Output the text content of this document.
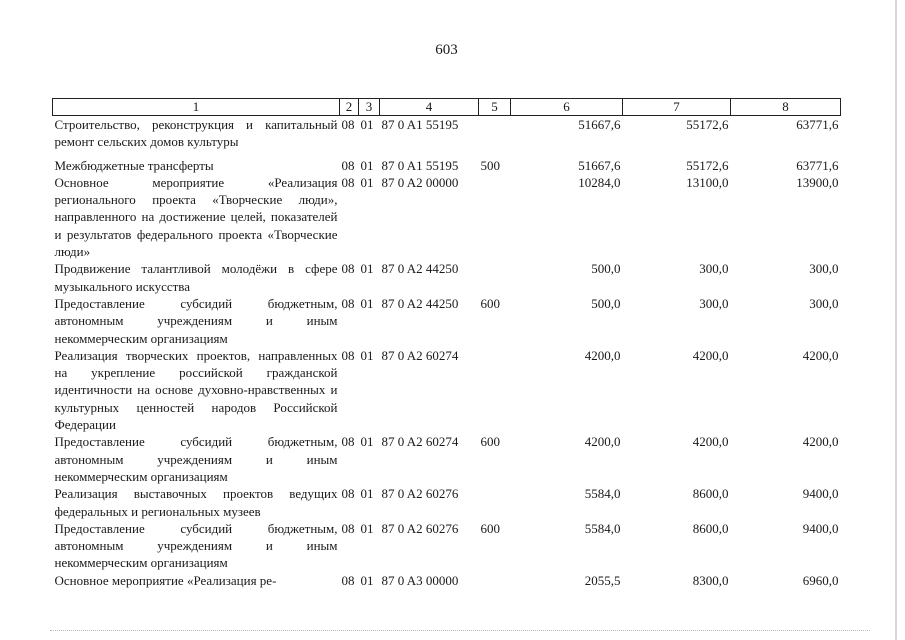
603
1	2	3	4	5	6	7	8
Строительство, реконструкция и капитальный ремонт сельских домов культуры	08	01	87 0 A1 55195		51667,6	55172,6	63771,6
Межбюджетные трансферты	08	01	87 0 A1 55195	500	51667,6	55172,6	63771,6
Основное мероприятие «Реализация регионального проекта «Творческие люди», направленного на достижение целей, показателей и результатов федерального проекта «Творческие люди»	08	01	87 0 A2 00000		10284,0	13100,0	13900,0
Продвижение талантливой молодёжи в сфере музыкального искусства	08	01	87 0 A2 44250		500,0	300,0	300,0
Предоставление субсидий бюджетным, автономным учреждениям и иным некоммерческим организациям	08	01	87 0 A2 44250	600	500,0	300,0	300,0
Реализация творческих проектов, направленных на укрепление российской гражданской идентичности на основе духовно-нравственных и культурных ценностей народов Российской Федерации	08	01	87 0 A2 60274		4200,0	4200,0	4200,0
Предоставление субсидий бюджетным, автономным учреждениям и иным некоммерческим организациям	08	01	87 0 A2 60274	600	4200,0	4200,0	4200,0
Реализация выставочных проектов ведущих федеральных и региональных музеев	08	01	87 0 A2 60276		5584,0	8600,0	9400,0
Предоставление субсидий бюджетным, автономным учреждениям и иным некоммерческим организациям	08	01	87 0 A2 60276	600	5584,0	8600,0	9400,0
Основное мероприятие «Реализация ре-	08	01	87 0 A3 00000		2055,5	8300,0	6960,0
